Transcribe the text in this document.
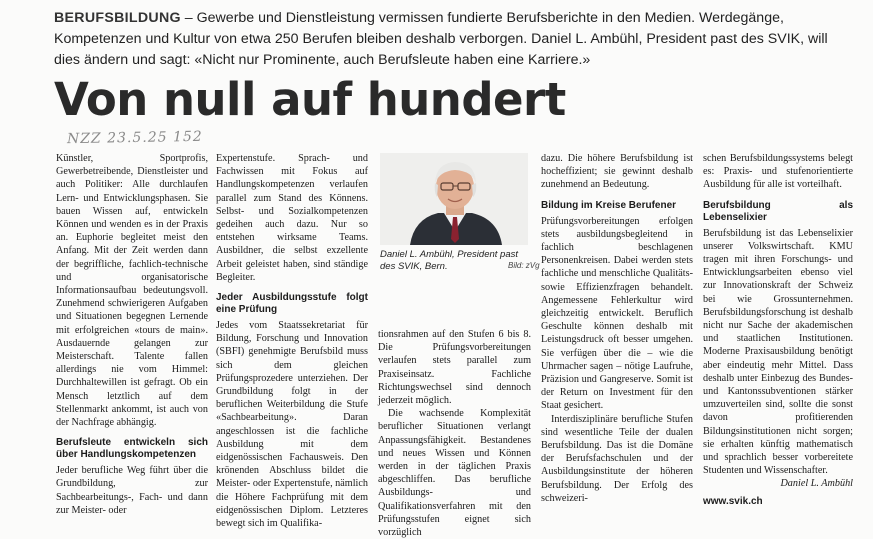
BERUFSBILDUNG – Gewerbe und Dienstleistung vermissen fundierte Berufsberichte in den Medien. Werdegänge, Kompetenzen und Kultur von etwa 250 Berufen bleiben deshalb verborgen. Daniel L. Ambühl, President past des SVIK, will dies ändern und sagt: «Nicht nur Prominente, auch Berufsleute haben eine Karriere.»
Von null auf hundert
NZZ 23.5.25 152

Künstler, Sportprofis, Gewerbetreibende, Dienstleister und auch Politiker: Alle durchlaufen Lern- und Entwicklungsphasen. Sie bauen Wissen auf, entwickeln Können und wenden es in der Praxis an. Euphorie begleitet meist den Anfang. Mit der Zeit werden dann der begriffliche, fachlich-technische und organisatorische Informationsaufbau bedeutungsvoll. Zunehmend schwierigeren Aufgaben und Situationen begegnen Lernende mit erfolgreichen «tours de main». Ausdauernde gelangen zur Meisterschaft. Talente fallen allerdings nie vom Himmel: Durchhaltewillen ist gefragt. Ob ein Mensch letztlich auf dem Stellenmarkt ankommt, ist auch von der Nachfrage abhängig.

Berufsleute entwickeln sich über Handlungskompetenzen

Jeder berufliche Weg führt über die Grundbildung, zur Sachbearbeitungs-, Fach- und dann zur Meister- oder

Expertenstufe. Sprach- und Fachwissen mit Fokus auf Handlungskompetenzen verlaufen parallel zum Stand des Könnens. Selbst- und Sozialkompetenzen gedeihen auch dazu. Nur so entstehen wirksame Teams. Ausbildner, die selbst exzellente Arbeit geleistet haben, sind ständige Begleiter.

Jeder Ausbildungsstufe folgt eine Prüfung

Jedes vom Staatssekretariat für Bildung, Forschung und Innovation (SBFI) genehmigte Berufsbild muss sich dem gleichen Prüfungsprozedere unterziehen. Der Grundbildung folgt in der beruflichen Weiterbildung die Stufe «Sachbearbeitung». Daran angeschlossen ist die fachliche Ausbildung mit dem eidgenössischen Fachausweis. Den krönenden Abschluss bildet die Meister- oder Expertenstufe, nämlich die Höhere Fachprüfung mit dem eidgenössischen Diplom. Letzteres bewegt sich im Qualifika-

Daniel L. Ambühl, President past des SVIK, Bern.	Bild: zVg

tionsrahmen auf den Stufen 6 bis 8. Die Prüfungsvorbereitungen verlaufen stets parallel zum Praxiseinsatz. Fachliche Richtungswechsel sind dennoch jederzeit möglich.

Die wachsende Komplexität beruflicher Situationen verlangt Anpassungsfähigkeit. Bestandenes und neues Wissen und Können werden in der täglichen Praxis abgeschliffen. Das berufliche Ausbildungs- und Qualifikationsverfahren mit den Prüfungsstufen eignet sich vorzüglich

dazu. Die höhere Berufsbildung ist hocheffizient; sie gewinnt deshalb zunehmend an Bedeutung.

Bildung im Kreise Berufener

Prüfungsvorbereitungen erfolgen stets ausbildungsbegleitend in fachlich beschlagenen Personenkreisen. Dabei werden stets fachliche und menschliche Qualitäts- sowie Effizienzfragen behandelt. Angemessene Fehlerkultur wird gleichzeitig entwickelt. Beruflich Geschulte können deshalb mit Leistungsdruck oft besser umgehen. Sie verfügen über die – wie die Uhrmacher sagen – nötige Laufruhe, Präzision und Gangreserve. Somit ist der Return on Investment für den Staat gesichert.

Interdisziplinäre berufliche Stufen sind wesentliche Teile der dualen Berufsbildung. Das ist die Domäne der Berufsfachschulen und der Ausbildungsinstitute der höheren Berufsbildung. Der Erfolg des schweizeri-

schen Berufsbildungssystems belegt es: Praxis- und stufenorientierte Ausbildung für alle ist vorteilhaft.

Berufsbildung als Lebenselixier

Berufsbildung ist das Lebenselixier unserer Volkswirtschaft. KMU tragen mit ihren Forschungs- und Entwicklungsarbeiten ebenso viel zur Innovationskraft der Schweiz bei wie Grossunternehmen. Berufsbildungsforschung ist deshalb nicht nur Sache der akademischen und staatlichen Institutionen. Moderne Praxisausbildung benötigt aber eindeutig mehr Mittel. Dass deshalb unter Einbezug des Bundes- und Kantonssubventionen stärker umzuverteilen sind, sollte die sonst davon profitierenden Bildungsinstitutionen nicht sorgen; sie erhalten künftig mathematisch und sprachlich besser vorbereitete Studenten und Wissenschafter.

Daniel L. Ambühl

www.svik.ch
